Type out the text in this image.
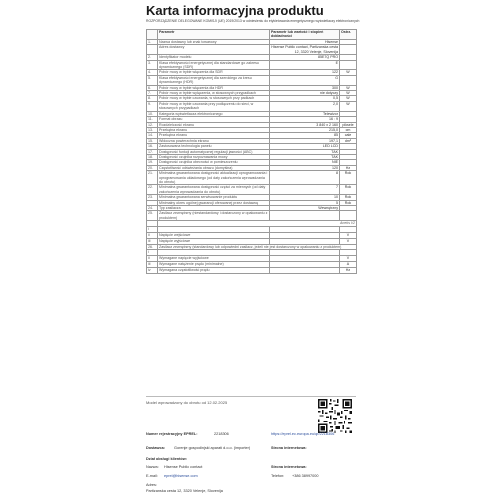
Karta informacyjna produktu

ROZPORZĄDZENIE DELEGOWANE KOMISJI (UE) 2019/2013 w odniesieniu do etykietowania energetycznego wyświetlaczy elektronicznych

	Parametr	Parametr lub wartość i stopień dokładności	Ostrz.
1.	Nazwa dostawcy lub znak towarowy	Hisense	
	Adres dostawcy	Hisense Public contact, Partizanska cesta 12, 3320 Velenje, Slovenija	
2.	Identyfikator modelu	85E7Q PRO	
3.	Klasa efektywności energetycznej dla standardowe go zakresu dynamicznego (SDR)	E	
4.	Pobór mocy w trybie włączenia dla SDR	122	W
5.	Klasa efektywności energetycznej dla szerokiego za kresu dynamicznego (HDR)	G	
6.	Pobór mocy w trybie włączenia dla HDR	300	W
7.	Pobór mocy w trybie wyłączenia, w stosownych przypadkach	nie dotyczy	W
8.	Pobór mocy w trybie czuwania, w stosownych przy padkach	0,5	W
9.	Pobór mocy w trybie czuwania przy podłączeniu do sieci, w stosownych przypadkach	2,0	W
10.	Kategoria wyświetlacza elektronicznego	Telewizor	
11.	Format obrazu	16 : 9	
12.	Rozdzielczość ekranu	3 840 x 2 160	piksele
13.	Przekątna ekranu	215,0	cm
14.	Przekątna ekranu	85	cale
15.	Widoczna powierzchnia ekranu	197,1	dm²
16.	Zastosowana technologia panelu	LED LCD	
17.	Dostępność funkcji automatycznej regulacji jasności (ABC)	TAK	
18.	Dostępność czujnika rozpoznawania mowy	TAK	
19.	Dostępność czujnika obecności w pomieszczeniu	NIE	
20.	Częstotliwość odświeżania obrazu (domyślna)	120	Hz
21.	Minimalna gwarantowana dostępność aktualizacji oprogramowania i oprogramowania układowego (od daty zakończenia wprowadzania do obrotu)	8	Rok
22.	Minimalna gwarantowana dostępność części za miennych (od daty zakończenia wprowadzania do obrotu)	7	Rok
23.	Minimalna gwarantowana serwisowanie produktu	10	Rok
	Minimalny okres ogólnej gwarancji oferowanej przez dostawcę	5	Rok
24.	Typ zasilacza	Wewnętrzny	
25.	Zasilacz zewnętrzny (niestandardowy i dostarczony w opakowaniu z produktem)		
	Aneks I/2		
i			
ii	Napięcie wejściowe		V
iii	Napięcie wyjściowe		V
26.	Zasilacz zewnętrzny (standardowy lub odpowiedni zasilacz, jeżeli nie jest dostarczony w opakowaniu z produktem)		
i			
ii	Wymagane napięcie wyjściowe		V
iii	Wymagane natężenie prądu (minimalne)		A
iv	Wymagana częstotliwość prądu		Hz
Model wprowadzony do obrotu od 12.02.2025
Numer rejestracyjny EPREL:	2218306	https://eprel.ec.europa.eu/qr/2218306
Dostawca: Gorenje gospodinjski aparati d.o.o. (importer)	Strona internetowa:
Dział obsługi klientów:
Nazwa: Hisense Public contact	Strona internetowa:
E-mail: eprel@hisense.com	Telefon: +386 38997000
Adres:
Partizanska cesta 12, 3320 Velenje, Slovenija
